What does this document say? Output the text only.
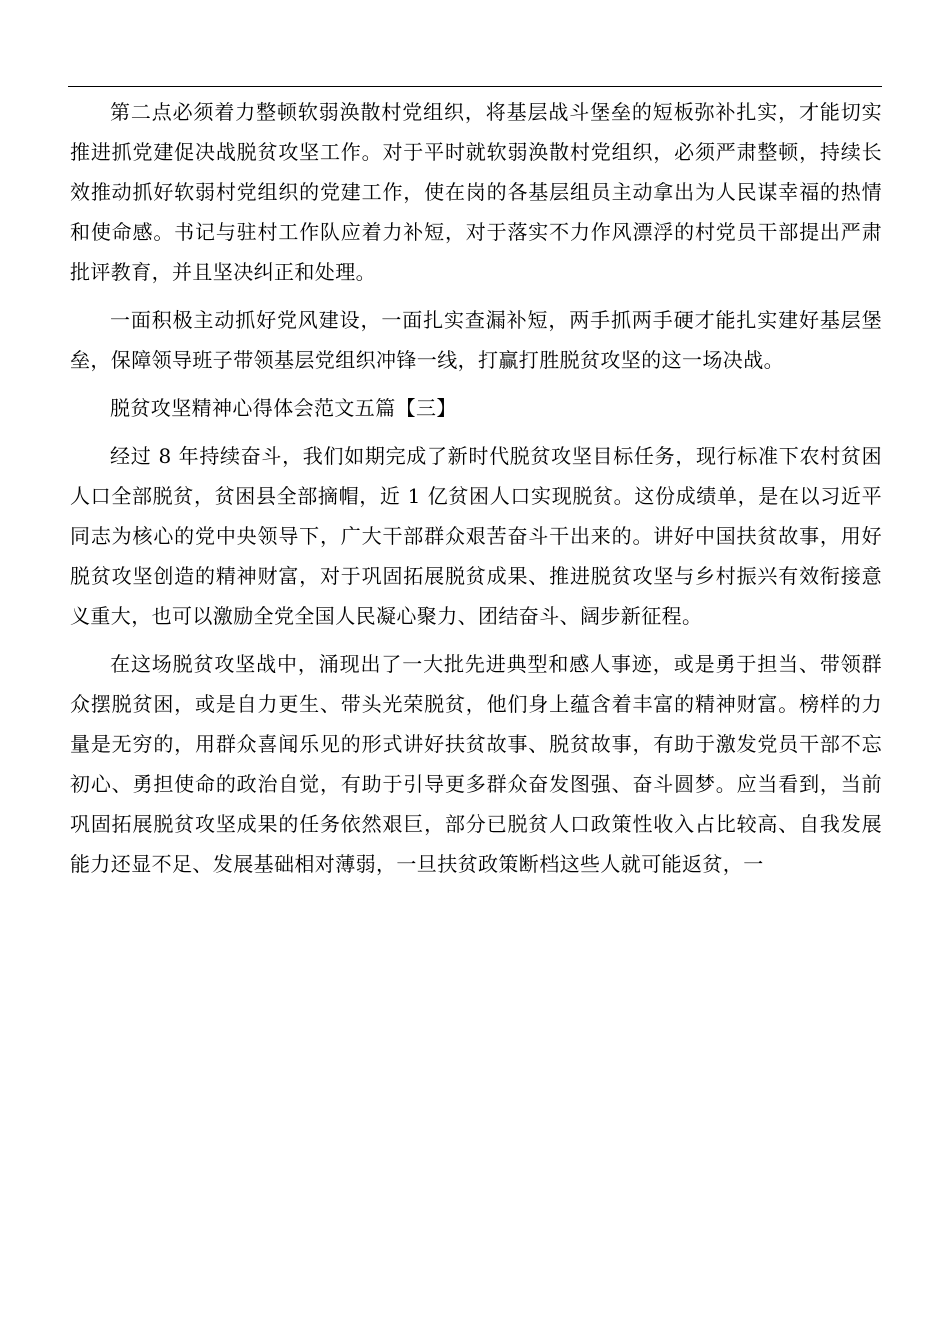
第二点必须着力整顿软弱涣散村党组织，将基层战斗堡垒的短板弥补扎实，才能切实推进抓党建促决战脱贫攻坚工作。对于平时就软弱涣散村党组织，必须严肃整顿，持续长效推动抓好软弱村党组织的党建工作，使在岗的各基层组员主动拿出为人民谋幸福的热情和使命感。书记与驻村工作队应着力补短，对于落实不力作风漂浮的村党员干部提出严肃批评教育，并且坚决纠正和处理。

一面积极主动抓好党风建设，一面扎实查漏补短，两手抓两手硬才能扎实建好基层堡垒，保障领导班子带领基层党组织冲锋一线，打赢打胜脱贫攻坚的这一场决战。

脱贫攻坚精神心得体会范文五篇【三】

经过 8 年持续奋斗，我们如期完成了新时代脱贫攻坚目标任务，现行标准下农村贫困人口全部脱贫，贫困县全部摘帽，近 1 亿贫困人口实现脱贫。这份成绩单，是在以习近平同志为核心的党中央领导下，广大干部群众艰苦奋斗干出来的。讲好中国扶贫故事，用好脱贫攻坚创造的精神财富，对于巩固拓展脱贫成果、推进脱贫攻坚与乡村振兴有效衔接意义重大，也可以激励全党全国人民凝心聚力、团结奋斗、阔步新征程。

在这场脱贫攻坚战中，涌现出了一大批先进典型和感人事迹，或是勇于担当、带领群众摆脱贫困，或是自力更生、带头光荣脱贫，他们身上蕴含着丰富的精神财富。榜样的力量是无穷的，用群众喜闻乐见的形式讲好扶贫故事、脱贫故事，有助于激发党员干部不忘初心、勇担使命的政治自觉，有助于引导更多群众奋发图强、奋斗圆梦。应当看到，当前巩固拓展脱贫攻坚成果的任务依然艰巨，部分已脱贫人口政策性收入占比较高、自我发展能力还显不足、发展基础相对薄弱，一旦扶贫政策断档这些人就可能返贫，一
